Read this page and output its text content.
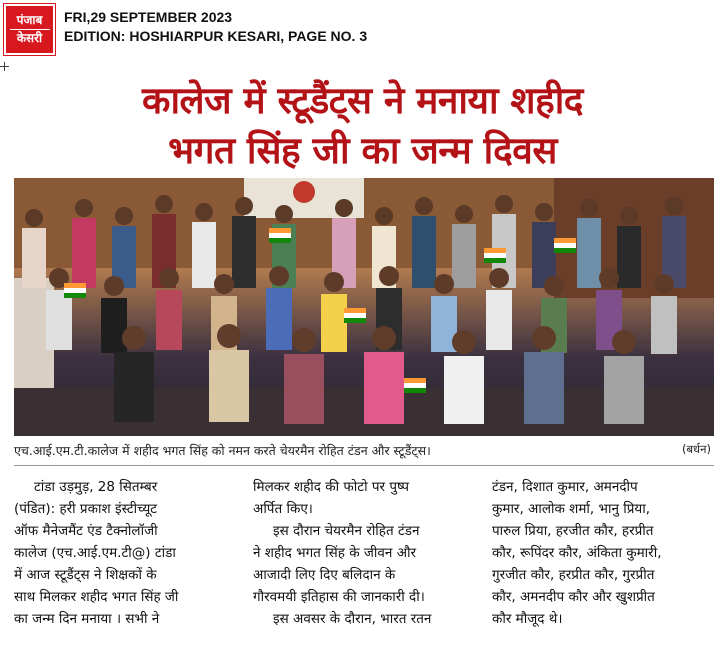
पंजाब
केसरी
FRI,29 SEPTEMBER 2023
EDITION: HOSHIARPUR KESARI, PAGE NO. 3
कालेज में स्टूडैंट्स ने मनाया शहीद
भगत सिंह जी का जन्म दिवस
एच.आई.एम.टी.कालेज में शहीद भगत सिंह को नमन करते चेयरमैन रोहित टंडन और स्टूडैंट्स।	(बर्धन)

टांडा उड़मुड़, 28 सितम्बर

(पंडित): हरी प्रकाश इंस्टीच्यूट

ऑफ मैनेजमैंट एंड टैक्नोलॉजी

कालेज (एच.आई.एम.टी@) टांडा

में आज स्टूडैंट्स ने शिक्षकों के

साथ मिलकर शहीद भगत सिंह जी

का जन्म दिन मनाया । सभी ने

मिलकर शहीद की फोटो पर पुष्प

अर्पित किए।

इस दौरान चेयरमैन रोहित टंडन

ने शहीद भगत सिंह के जीवन और

आजादी लिए दिए बलिदान के

गौरवमयी इतिहास की जानकारी दी।

इस अवसर के दौरान, भारत रतन

टंडन, दिशात कुमार, अमनदीप

कुमार, आलोक शर्मा, भानु प्रिया,

पारुल प्रिया, हरजीत कौर, हरप्रीत

कौर, रूपिंदर कौर, अंकिता कुमारी,

गुरजीत कौर, हरप्रीत कौर, गुरप्रीत

कौर, अमनदीप कौर और खुशप्रीत

कौर मौजूद थे।
